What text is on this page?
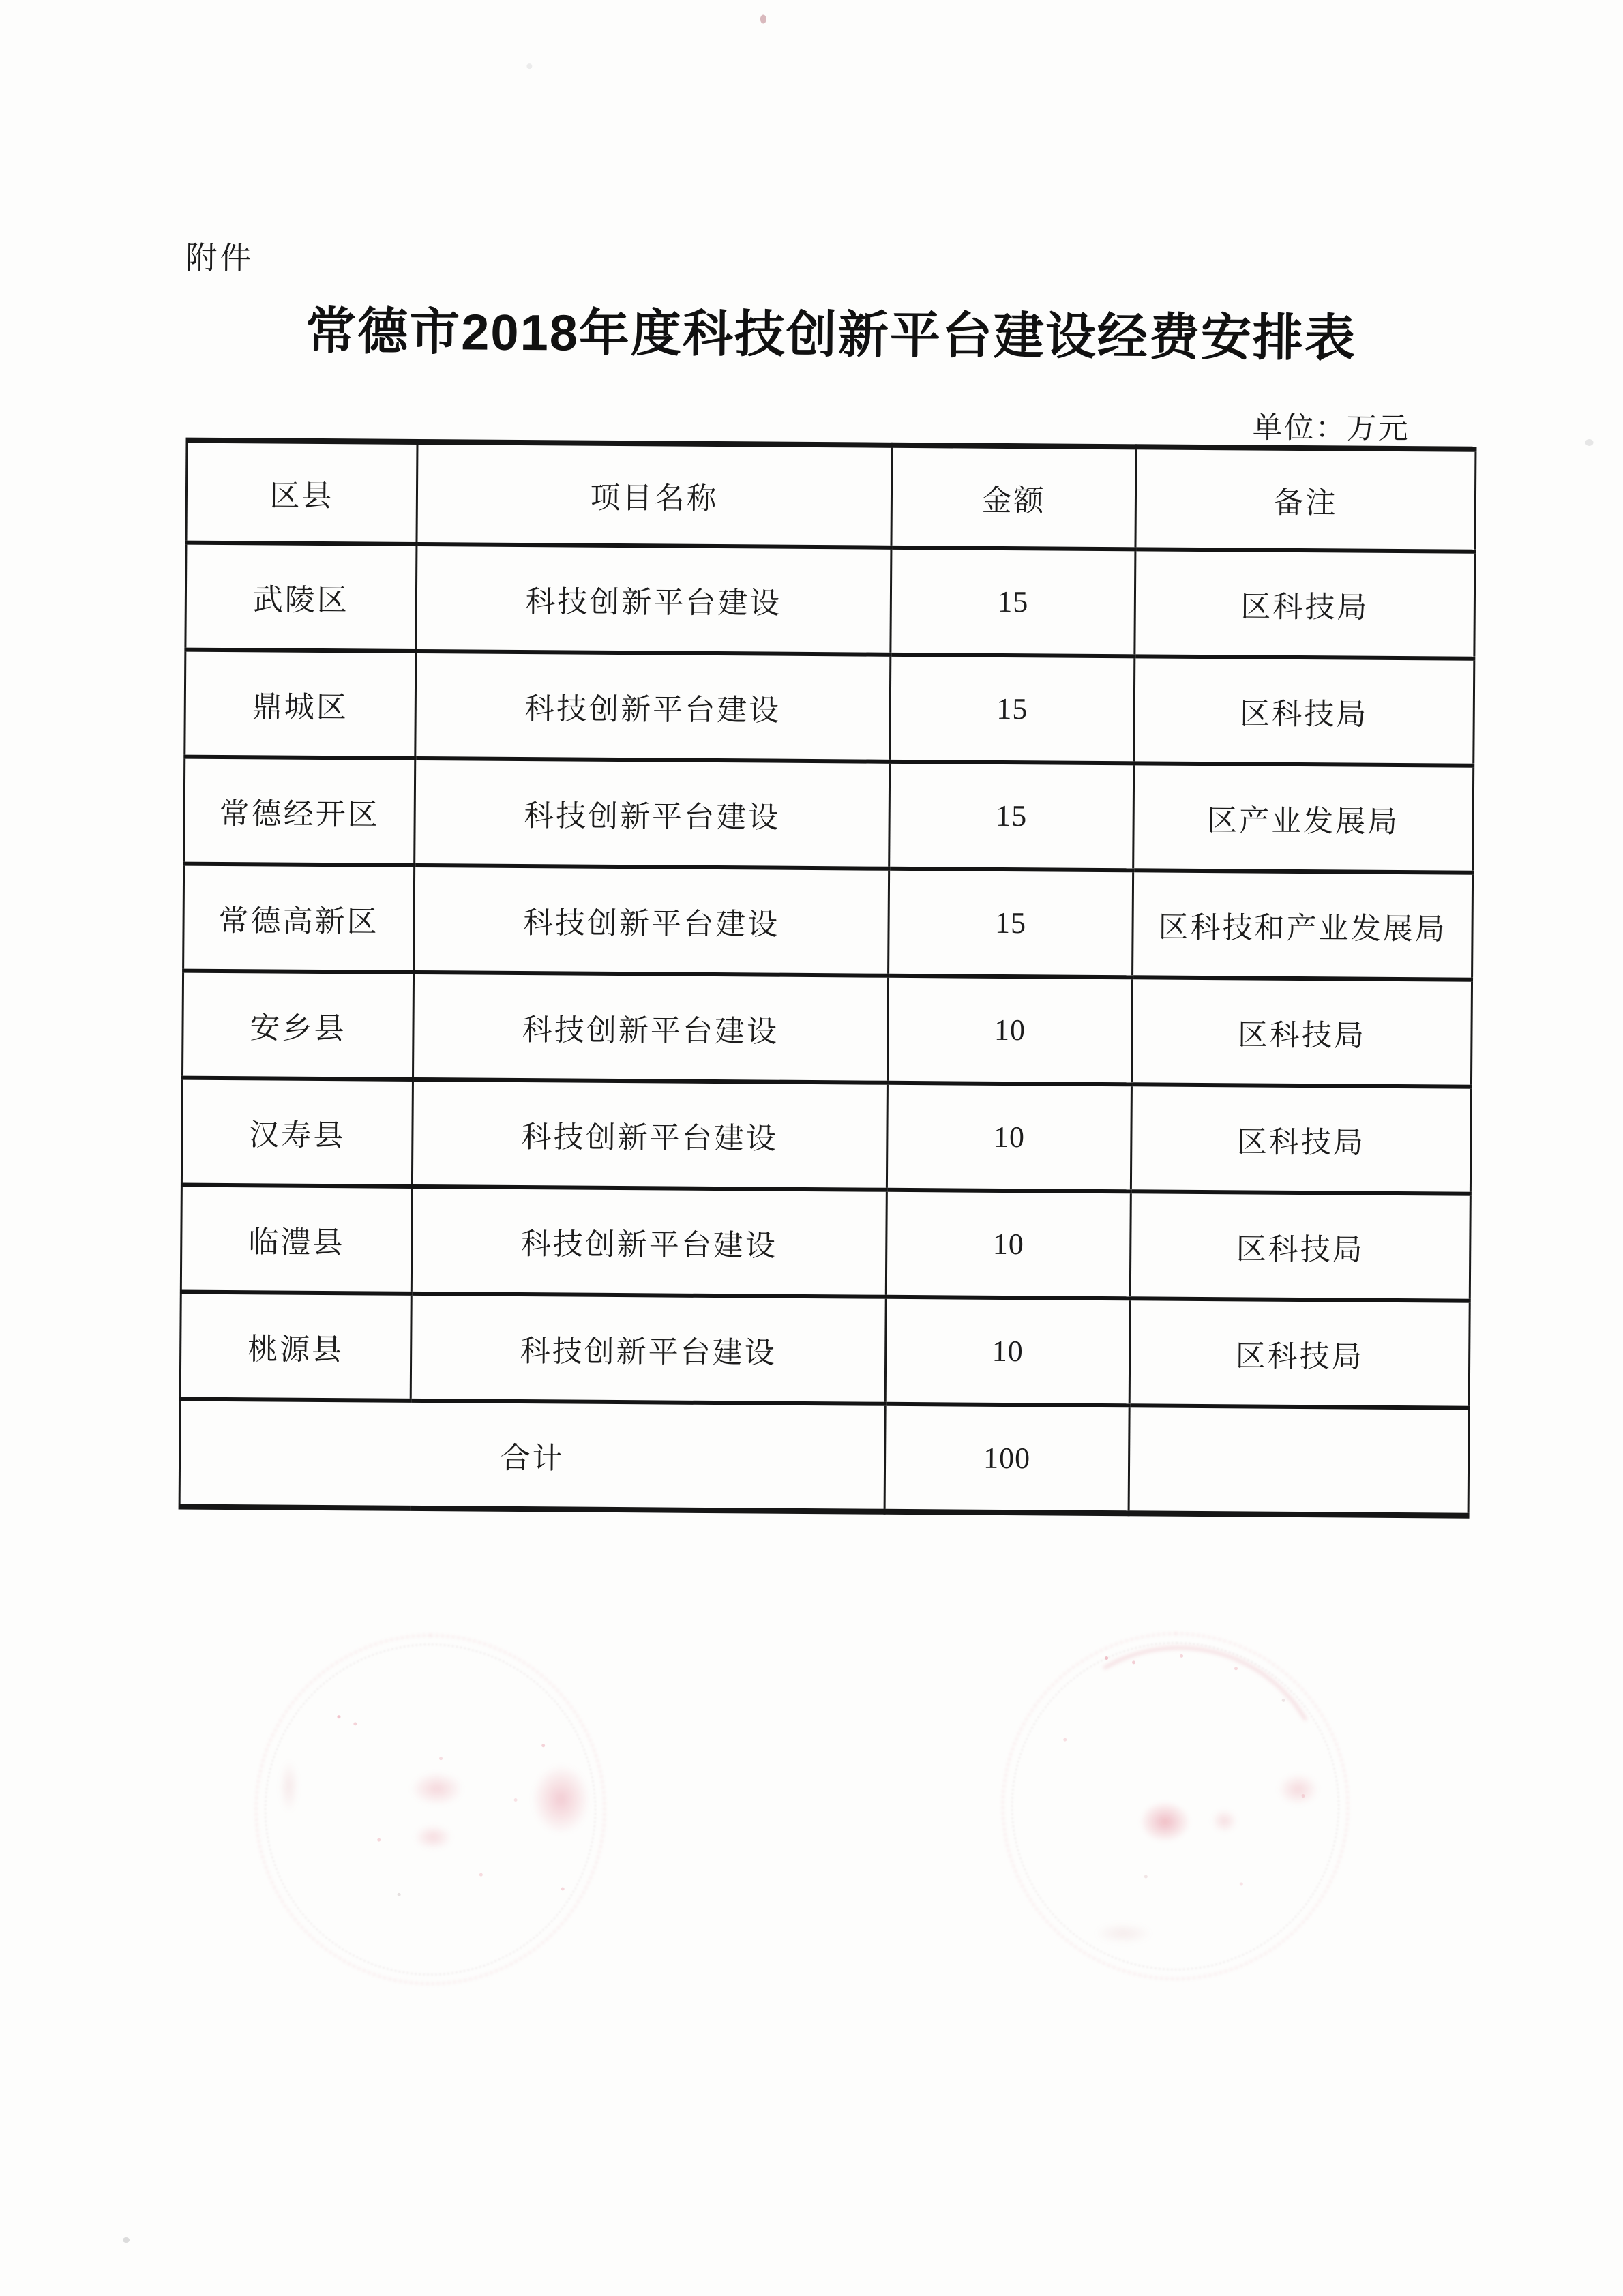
附件
常德市2018年度科技创新平台建设经费安排表
单位：万元
区县	项目名称	金额	备注
武陵区	科技创新平台建设	15	区科技局
鼎城区	科技创新平台建设	15	区科技局
常德经开区	科技创新平台建设	15	区产业发展局
常德高新区	科技创新平台建设	15	区科技和产业发展局
安乡县	科技创新平台建设	10	区科技局
汉寿县	科技创新平台建设	10	区科技局
临澧县	科技创新平台建设	10	区科技局
桃源县	科技创新平台建设	10	区科技局
合计		100	
